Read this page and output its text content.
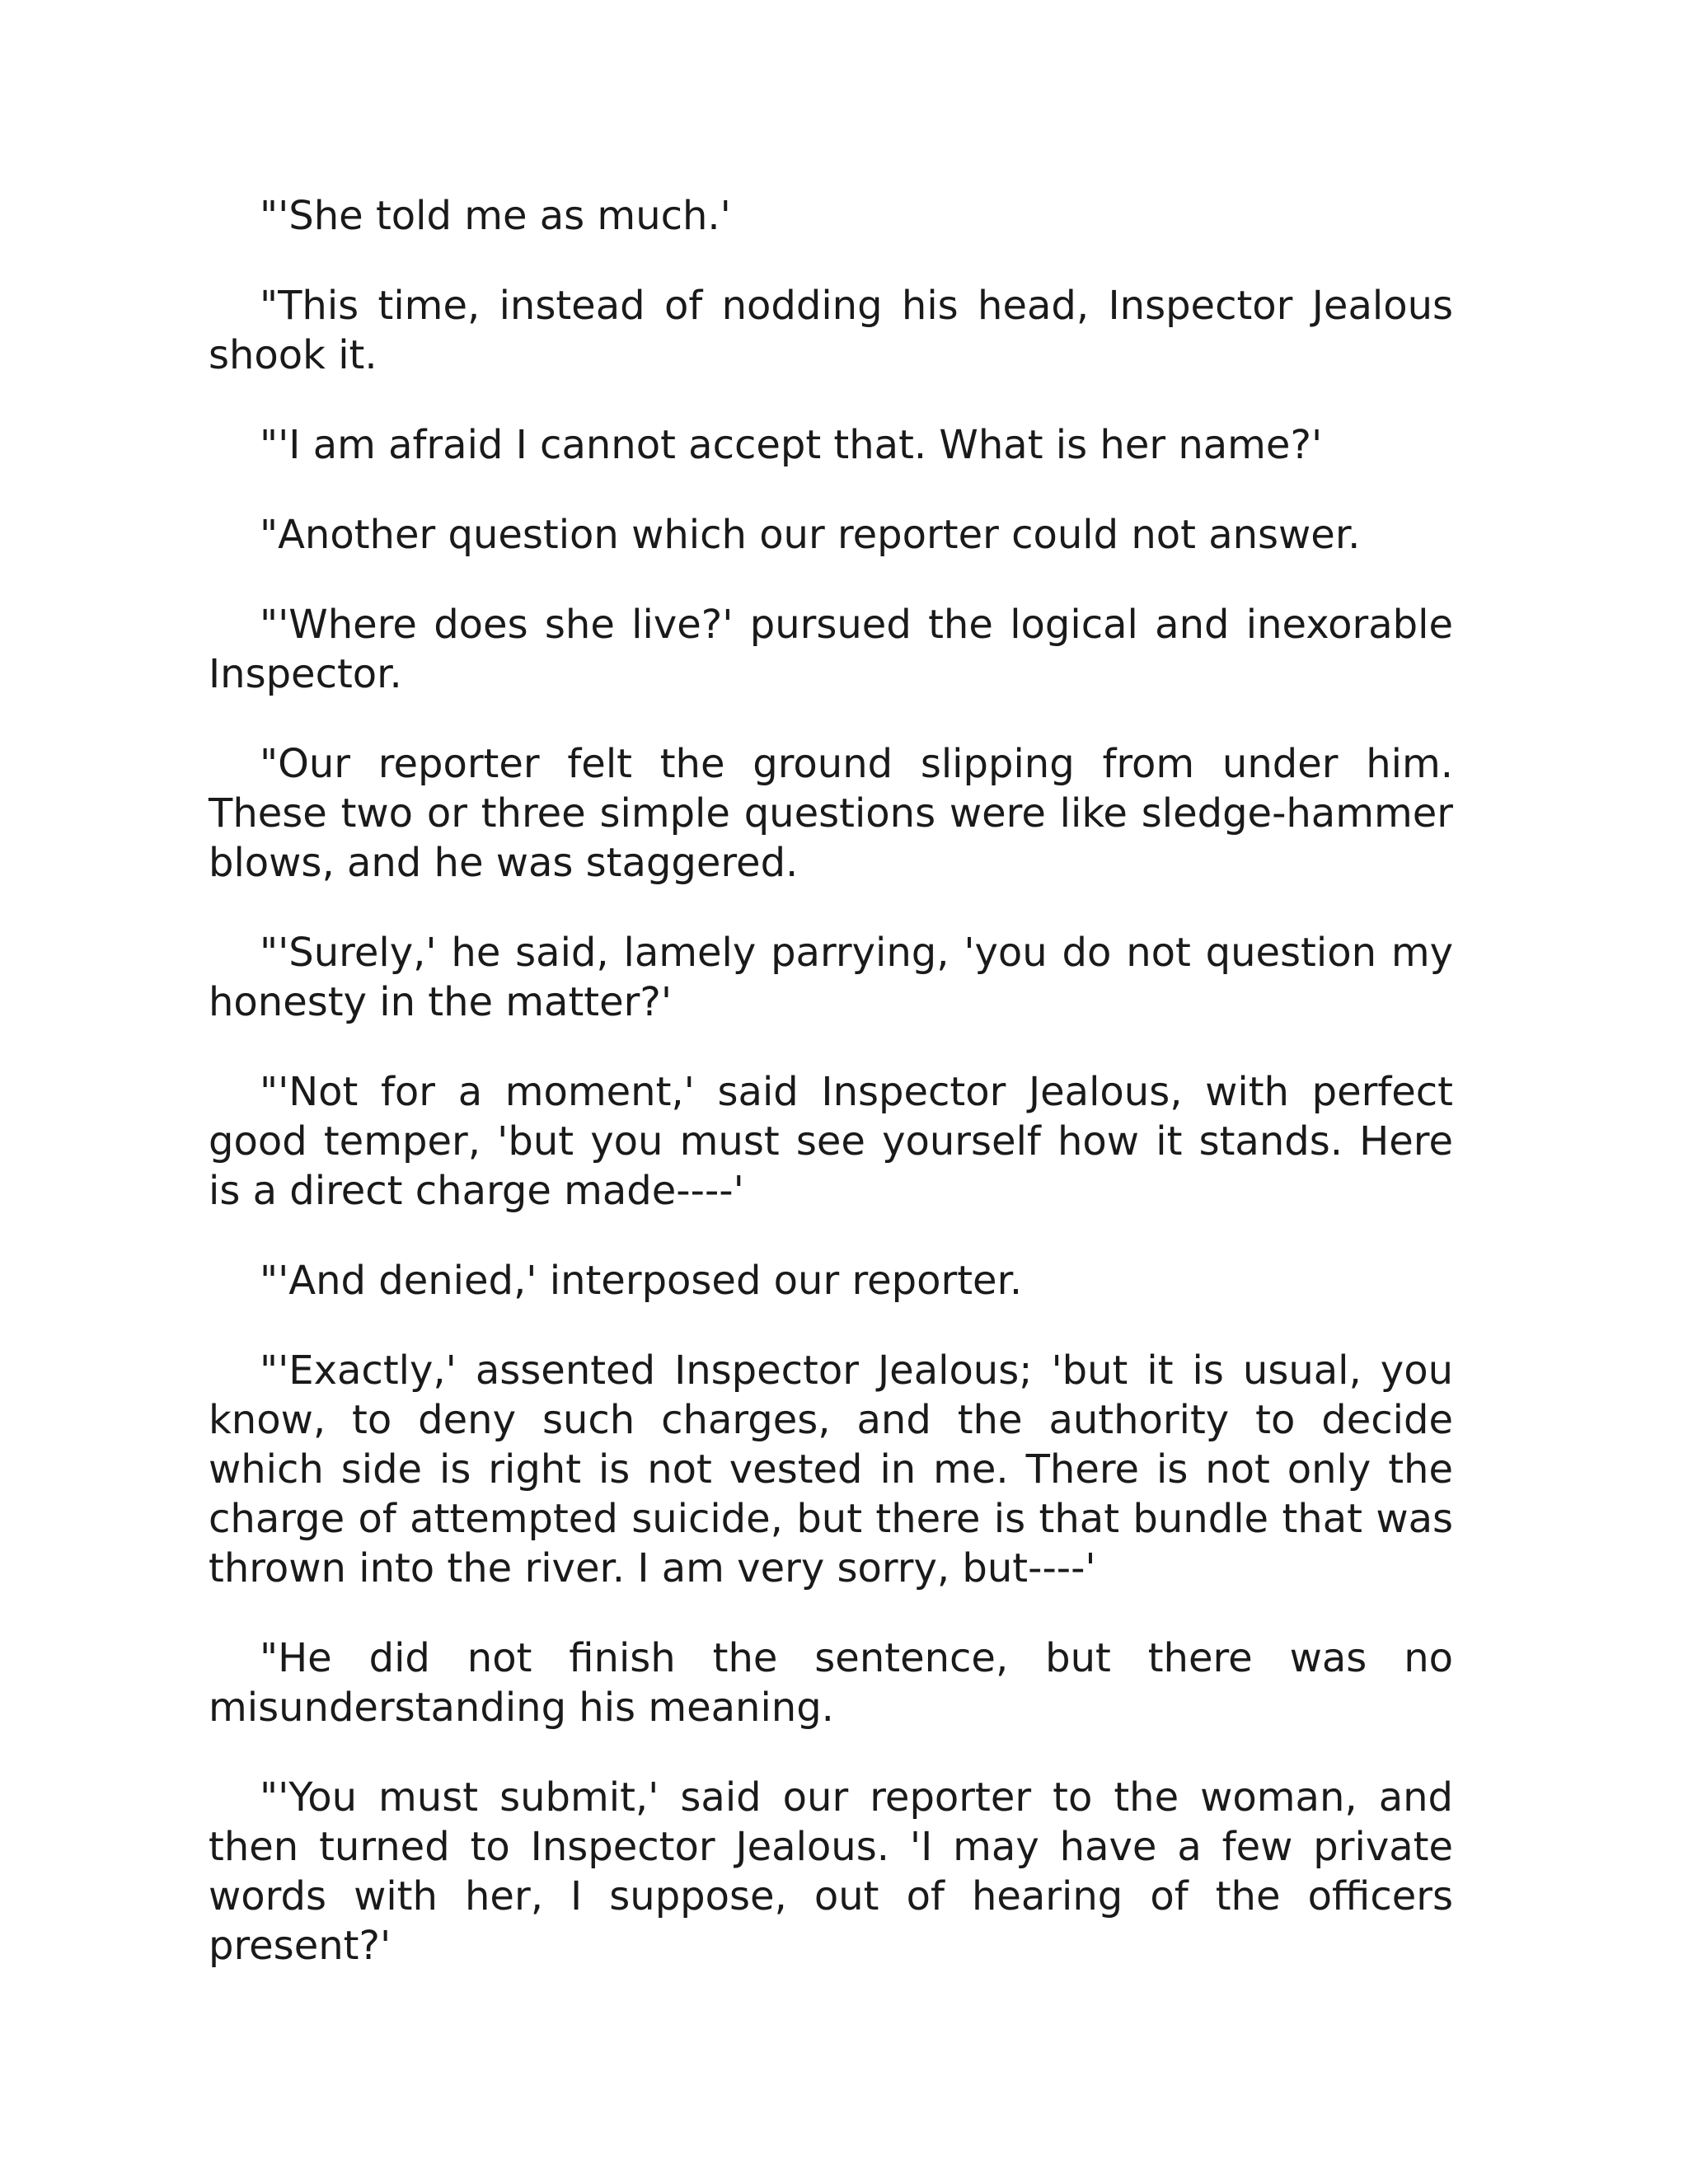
"'She told me as much.'

"This time, instead of nodding his head, Inspector Jealous shook it.

"'I am afraid I cannot accept that. What is her name?'

"Another question which our reporter could not answer.

"'Where does she live?' pursued the logical and inexorable Inspector.

"Our reporter felt the ground slipping from under him. These two or three simple questions were like sledge-hammer blows, and he was staggered.

"'Surely,' he said, lamely parrying, 'you do not question my honesty in the matter?'

"'Not for a moment,' said Inspector Jealous, with perfect good temper, 'but you must see yourself how it stands. Here is a direct charge made----'

"'And denied,' interposed our reporter.

"'Exactly,' assented Inspector Jealous; 'but it is usual, you know, to deny such charges, and the authority to decide which side is right is not vested in me. There is not only the charge of attempted suicide, but there is that bundle that was thrown into the river. I am very sorry, but----'

"He did not finish the sentence, but there was no misunderstanding his meaning.

"'You must submit,' said our reporter to the woman, and then turned to Inspector Jealous. 'I may have a few private words with her, I suppose, out of hearing of the officers present?'
